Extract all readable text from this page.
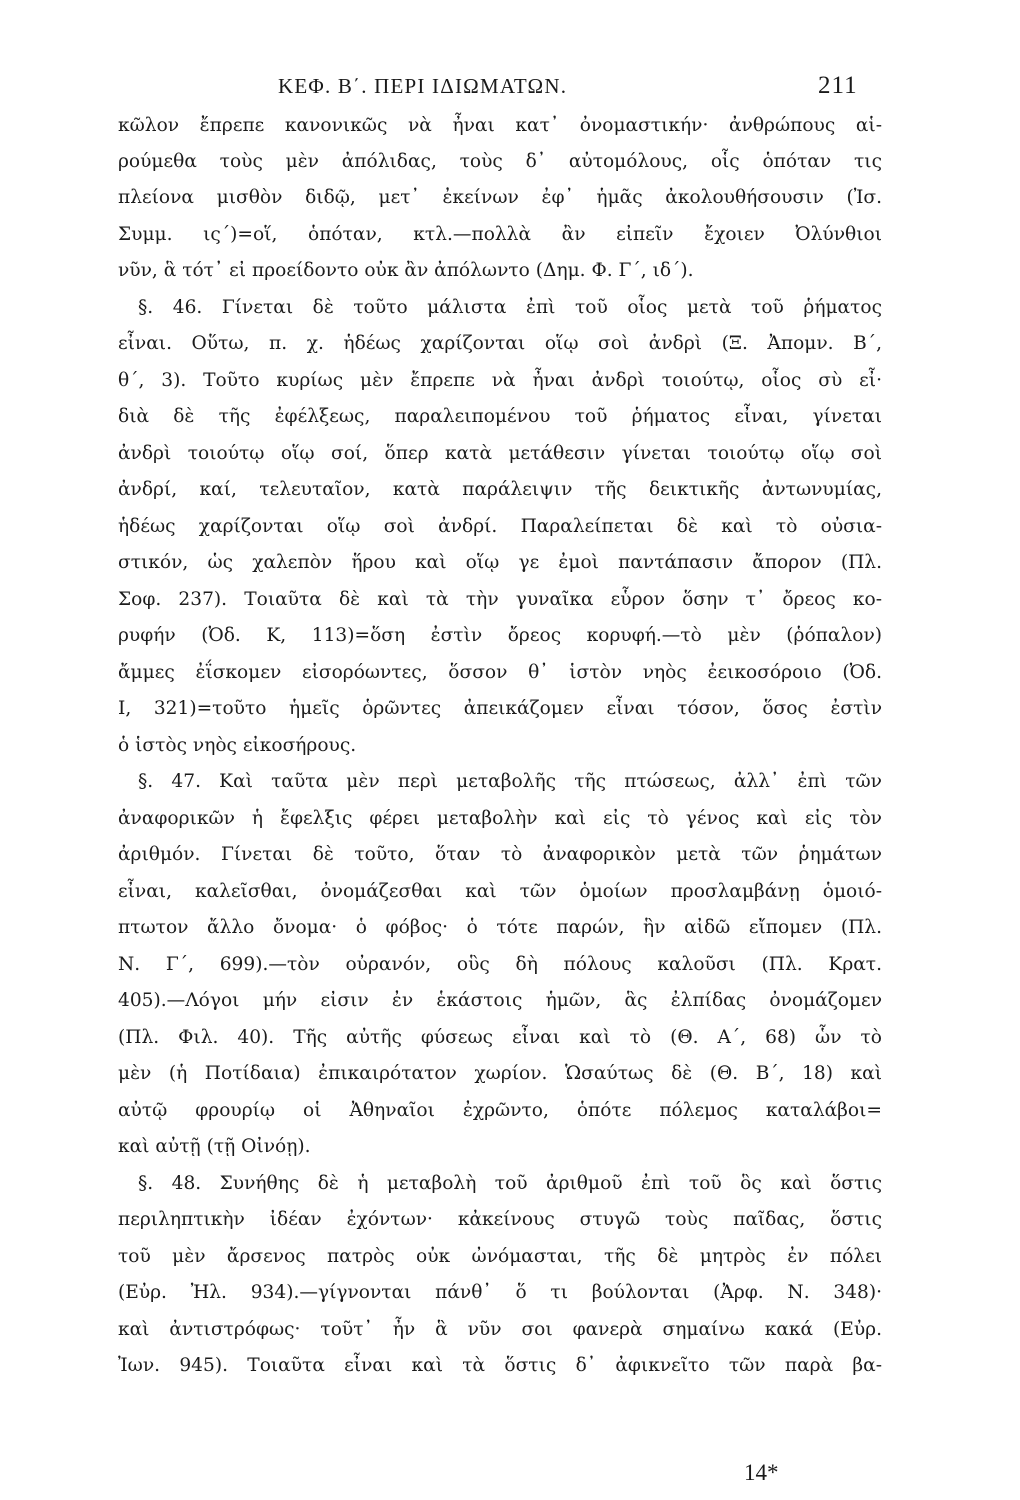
ΚΕΦ. Β΄. ΠΕΡΙ ΙΔΙΩΜΑΤΩΝ.	211
κῶλον ἔπρεπε κανονικῶς νὰ ἦναι κατ᾽ ὀνομαστικήν· ἀνθρώπους αἱ-
ρούμεθα τοὺς μὲν ἀπόλιδας, τοὺς δ᾽ αὐτομόλους, οἷς ὁπόταν τις
πλείονα μισθὸν διδῷ, μετ᾽ ἐκείνων ἐφ᾽ ἡμᾶς ἀκολουθήσουσιν (Ἰσ.
Συμμ. ις΄)=οἵ, ὁπόταν, κτλ.—πολλὰ ἂν εἰπεῖν ἔχοιεν Ὀλύνθιοι
νῦν, ἃ τότ᾽ εἰ προείδοντο οὐκ ἂν ἀπόλωντο (Δημ. Φ. Γ΄, ιδ΄).
§. 46. Γίνεται δὲ τοῦτο μάλιστα ἐπὶ τοῦ οἷος μετὰ τοῦ ῥήματος
εἶναι. Οὕτω, π. χ. ἡδέως χαρίζονται οἵῳ σοὶ ἀνδρὶ (Ξ. Ἀπομν. Β΄,
θ΄, 3). Τοῦτο κυρίως μὲν ἔπρεπε νὰ ἦναι ἀνδρὶ τοιούτῳ, οἷος σὺ εἶ·
διὰ δὲ τῆς ἐφέλξεως, παραλειπομένου τοῦ ῥήματος εἶναι, γίνεται
ἀνδρὶ τοιούτῳ οἵῳ σοί, ὅπερ κατὰ μετάθεσιν γίνεται τοιούτῳ οἵῳ σοὶ
ἀνδρί, καί, τελευταῖον, κατὰ παράλειψιν τῆς δεικτικῆς ἀντωνυμίας,
ἡδέως χαρίζονται οἵῳ σοὶ ἀνδρί. Παραλείπεται δὲ καὶ τὸ οὐσια-
στικόν, ὡς χαλεπὸν ἥρου καὶ οἵῳ γε ἐμοὶ παντάπασιν ἄπορον (Πλ.
Σοφ. 237). Τοιαῦτα δὲ καὶ τὰ τὴν γυναῖκα εὗρον ὅσην τ᾽ ὄρεος κο-
ρυφήν (Ὀδ. Κ, 113)=ὅση ἐστὶν ὄρεος κορυφή.—τὸ μὲν (ῥόπαλον)
ἄμμες ἐΐσκομεν εἰσορόωντες, ὅσσον θ᾽ ἱστὸν νηὸς ἐεικοσόροιο (Ὀδ.
Ι, 321)=τοῦτο ἡμεῖς ὁρῶντες ἀπεικάζομεν εἶναι τόσον, ὅσος ἐστὶν
ὁ ἱστὸς νηὸς εἰκοσήρους.
§. 47. Καὶ ταῦτα μὲν περὶ μεταβολῆς τῆς πτώσεως, ἀλλ᾽ ἐπὶ τῶν
ἀναφορικῶν ἡ ἔφελξις φέρει μεταβολὴν καὶ εἰς τὸ γένος καὶ εἰς τὸν
ἀριθμόν. Γίνεται δὲ τοῦτο, ὅταν τὸ ἀναφορικὸν μετὰ τῶν ῥημάτων
εἶναι, καλεῖσθαι, ὀνομάζεσθαι καὶ τῶν ὁμοίων προσλαμβάνῃ ὁμοιό-
πτωτον ἄλλο ὄνομα· ὁ φόβος· ὁ τότε παρών, ἣν αἰδῶ εἴπομεν (Πλ.
Ν. Γ΄, 699).—τὸν οὐρανόν, οὓς δὴ πόλους καλοῦσι (Πλ. Κρατ.
405).—Λόγοι μήν εἰσιν ἐν ἑκάστοις ἡμῶν, ἃς ἐλπίδας ὀνομάζομεν
(Πλ. Φιλ. 40). Τῆς αὐτῆς φύσεως εἶναι καὶ τὸ (Θ. Α΄, 68) ὧν τὸ
μὲν (ἡ Ποτίδαια) ἐπικαιρότατον χωρίον. Ὡσαύτως δὲ (Θ. Β΄, 18) καὶ
αὐτῷ φρουρίῳ οἱ Ἀθηναῖοι ἐχρῶντο, ὁπότε πόλεμος καταλάβοι=
καὶ αὐτῇ (τῇ Οἰνόῃ).
§. 48. Συνήθης δὲ ἡ μεταβολὴ τοῦ ἀριθμοῦ ἐπὶ τοῦ ὃς καὶ ὅστις
περιληπτικὴν ἰδέαν ἐχόντων· κἀκείνους στυγῶ τοὺς παῖδας, ὅστις
τοῦ μὲν ἄρσενος πατρὸς οὐκ ὠνόμασται, τῆς δὲ μητρὸς ἐν πόλει
(Εὐρ. Ἠλ. 934).—γίγνονται πάνθ᾽ ὅ τι βούλονται (Ἀρφ. Ν. 348)·
καὶ ἀντιστρόφως· τοῦτ᾽ ἦν ἃ νῦν σοι φανερὰ σημαίνω κακά (Εὐρ.
Ἰων. 945). Τοιαῦτα εἶναι καὶ τὰ ὅστις δ᾽ ἀφικνεῖτο τῶν παρὰ βα-
14*
